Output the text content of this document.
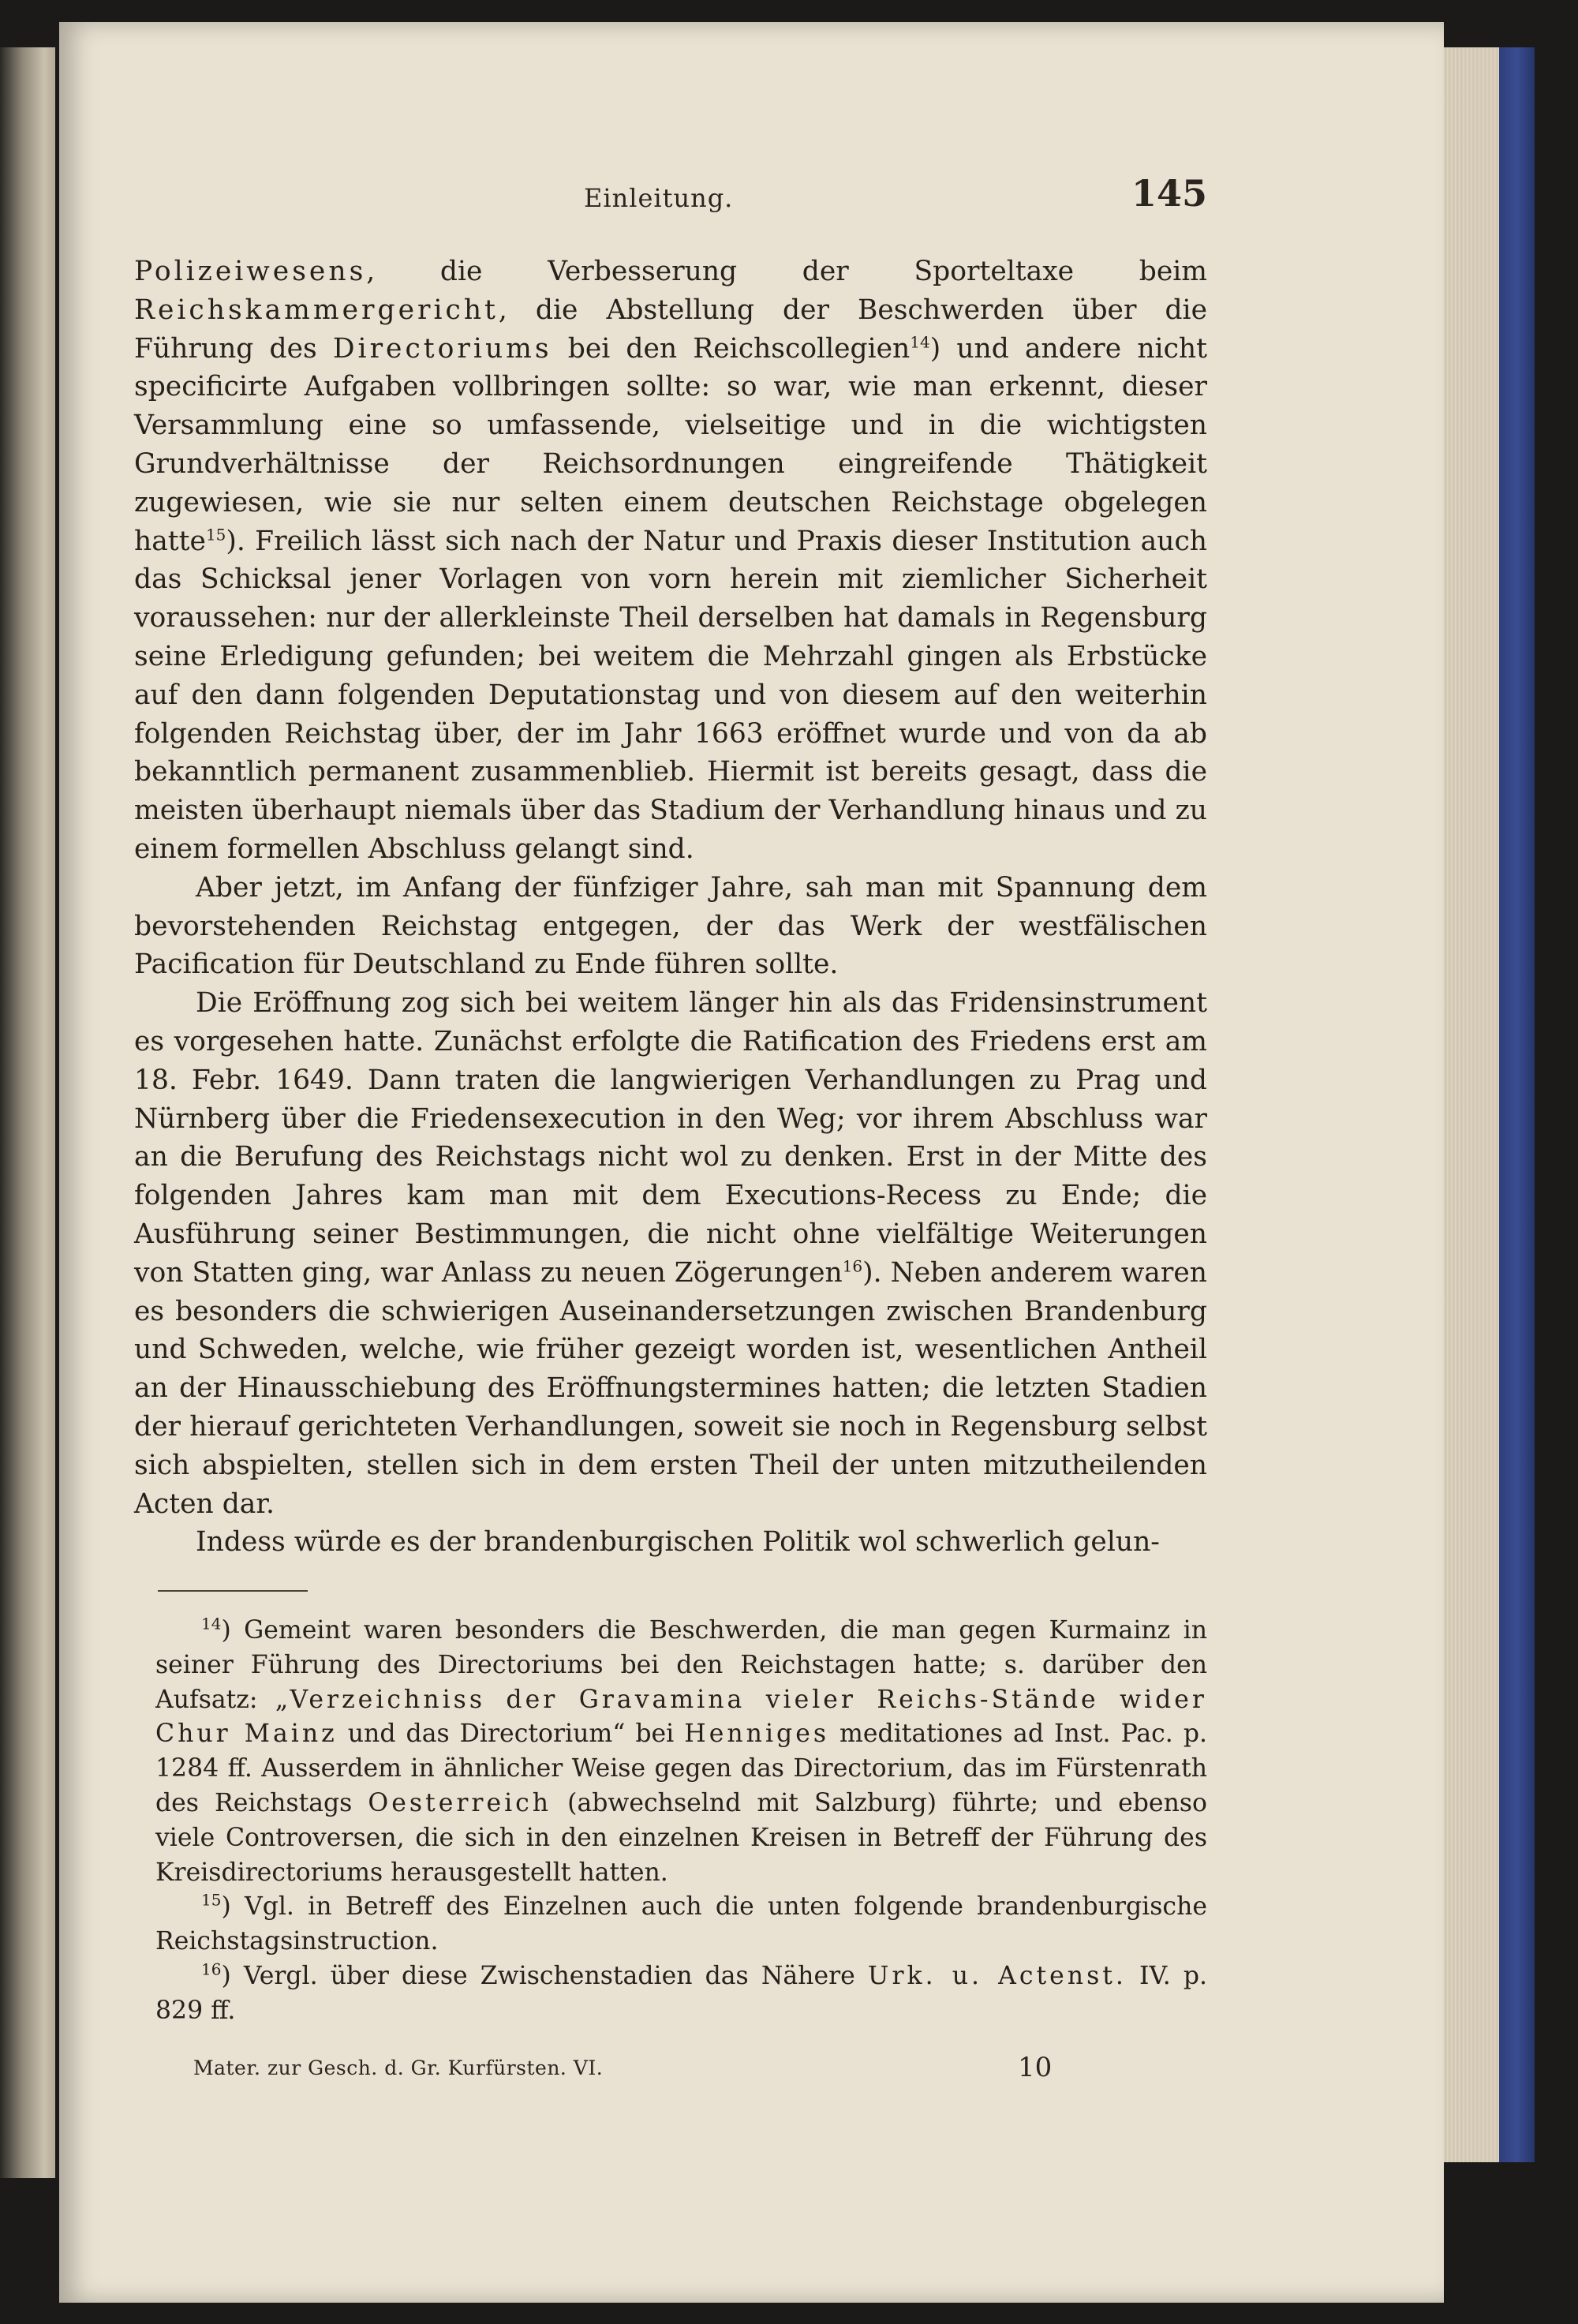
Einleitung.	145

Polizeiwesens, die Verbesserung der Sporteltaxe beim Reichskammergericht, die Abstellung der Beschwerden über die Führung des Directoriums bei den Reichscollegien$^{14}$) und andere nicht specificirte Aufgaben vollbringen sollte: so war, wie man erkennt, dieser Versammlung eine so umfassende, vielseitige und in die wichtigsten Grundverhältnisse der Reichsordnungen eingreifende Thätigkeit zugewiesen, wie sie nur selten einem deutschen Reichstage obgelegen hatte$^{15}$). Freilich lässt sich nach der Natur und Praxis dieser Institution auch das Schicksal jener Vorlagen von vorn herein mit ziemlicher Sicherheit voraussehen: nur der allerkleinste Theil derselben hat damals in Regensburg seine Erledigung gefunden; bei weitem die Mehrzahl gingen als Erbstücke auf den dann folgenden Deputationstag und von diesem auf den weiterhin folgenden Reichstag über, der im Jahr 1663 eröffnet wurde und von da ab bekanntlich permanent zusammenblieb. Hiermit ist bereits gesagt, dass die meisten überhaupt niemals über das Stadium der Verhandlung hinaus und zu einem formellen Abschluss gelangt sind.

Aber jetzt, im Anfang der fünfziger Jahre, sah man mit Spannung dem bevorstehenden Reichstag entgegen, der das Werk der westfälischen Pacification für Deutschland zu Ende führen sollte.

Die Eröffnung zog sich bei weitem länger hin als das Fridensinstrument es vorgesehen hatte. Zunächst erfolgte die Ratification des Friedens erst am 18. Febr. 1649. Dann traten die langwierigen Verhandlungen zu Prag und Nürnberg über die Friedensexecution in den Weg; vor ihrem Abschluss war an die Berufung des Reichstags nicht wol zu denken. Erst in der Mitte des folgenden Jahres kam man mit dem Executions-Recess zu Ende; die Ausführung seiner Bestimmungen, die nicht ohne vielfältige Weiterungen von Statten ging, war Anlass zu neuen Zögerungen$^{16}$). Neben anderem waren es besonders die schwierigen Auseinandersetzungen zwischen Brandenburg und Schweden, welche, wie früher gezeigt worden ist, wesentlichen Antheil an der Hinausschiebung des Eröffnungstermines hatten; die letzten Stadien der hierauf gerichteten Verhandlungen, soweit sie noch in Regensburg selbst sich abspielten, stellen sich in dem ersten Theil der unten mitzutheilenden Acten dar.

Indess würde es der brandenburgischen Politik wol schwerlich gelun-

$^{14}$) Gemeint waren besonders die Beschwerden, die man gegen Kurmainz in seiner Führung des Directoriums bei den Reichstagen hatte; s. darüber den Aufsatz: „Verzeichniss der Gravamina vieler Reichs-Stände wider Chur Mainz und das Directorium“ bei Henniges meditationes ad Inst. Pac. p. 1284 ff. Ausserdem in ähnlicher Weise gegen das Directorium, das im Fürstenrath des Reichstags Oesterreich (abwechselnd mit Salzburg) führte; und ebenso viele Controversen, die sich in den einzelnen Kreisen in Betreff der Führung des Kreisdirectoriums herausgestellt hatten.

$^{15}$) Vgl. in Betreff des Einzelnen auch die unten folgende brandenburgische Reichstagsinstruction.

$^{16}$) Vergl. über diese Zwischenstadien das Nähere Urk. u. Actenst. IV. p. 829 ff.

Mater. zur Gesch. d. Gr. Kurfürsten. VI.	10
